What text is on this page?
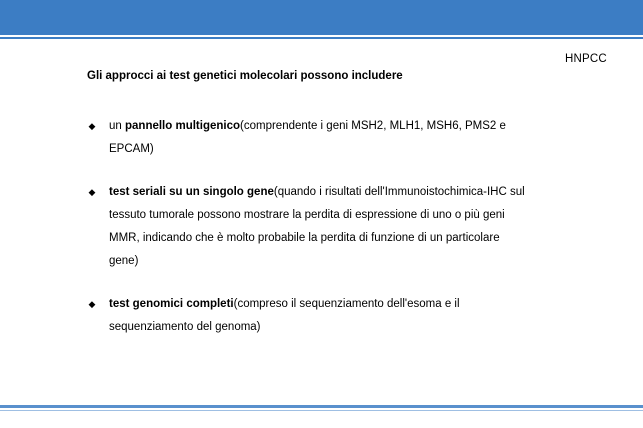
HNPCC
Gli approcci ai test genetici molecolari possono includere
◆ un pannello multigenico(comprendente i geni MSH2, MLH1, MSH6, PMS2 e EPCAM)
◆ test seriali su un singolo gene(quando i risultati dell'Immunoistochimica-IHC sul tessuto tumorale possono mostrare la perdita di espressione di uno o più geni MMR, indicando che è molto probabile la perdita di funzione di un particolare gene)
◆ test genomici completi(compreso il sequenziamento dell'esoma e il sequenziamento del genoma)
